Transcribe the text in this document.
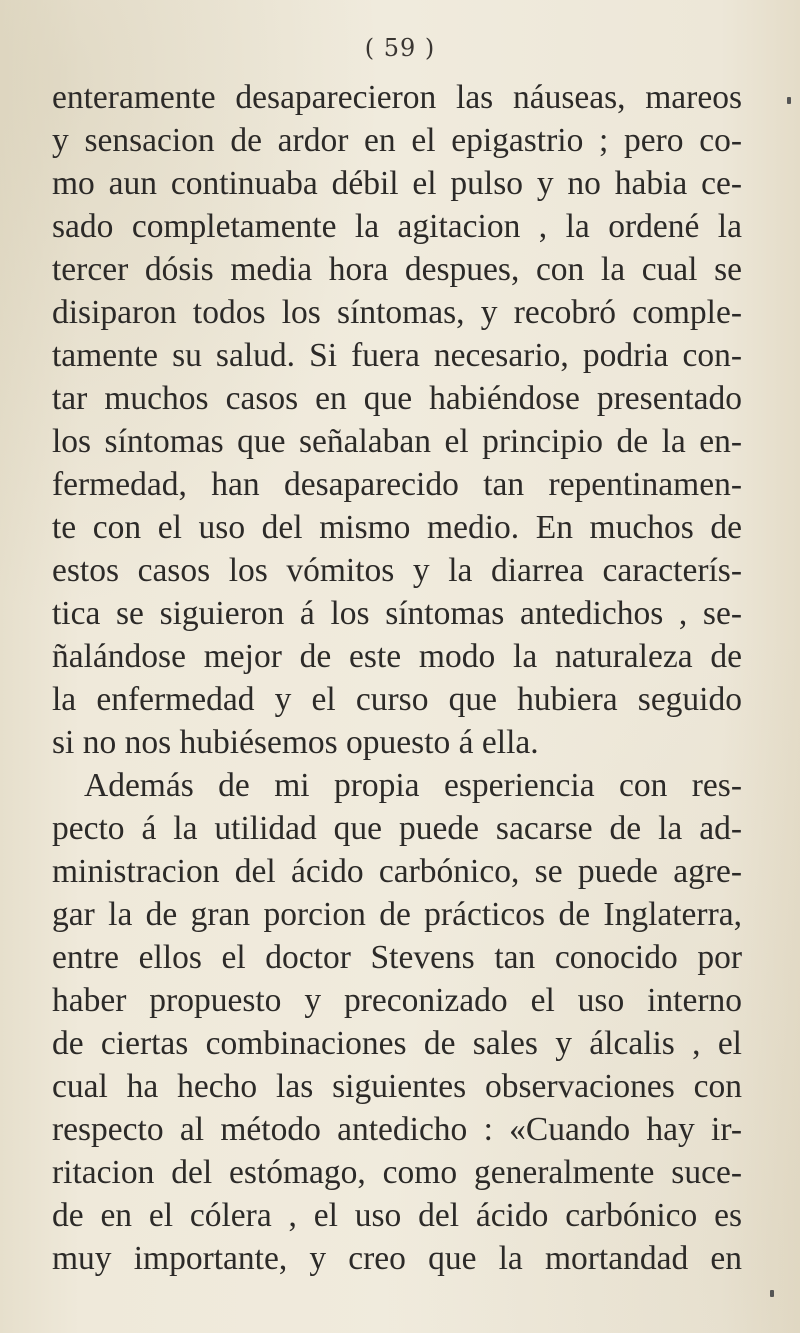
( 59 )
enteramente desaparecieron las náuseas, mareos
y sensacion de ardor en el epigastrio ; pero co-
mo aun continuaba débil el pulso y no habia ce-
sado completamente la agitacion , la ordené la
tercer dósis media hora despues, con la cual se
disiparon todos los síntomas, y recobró comple-
tamente su salud. Si fuera necesario, podria con-
tar muchos casos en que habiéndose presentado
los síntomas que señalaban el principio de la en-
fermedad, han desaparecido tan repentinamen-
te con el uso del mismo medio. En muchos de
estos casos los vómitos y la diarrea caracterís-
tica se siguieron á los síntomas antedichos , se-
ñalándose mejor de este modo la naturaleza de
la enfermedad y el curso que hubiera seguido
si no nos hubiésemos opuesto á ella.
Además de mi propia esperiencia con res-
pecto á la utilidad que puede sacarse de la ad-
ministracion del ácido carbónico, se puede agre-
gar la de gran porcion de prácticos de Inglaterra,
entre ellos el doctor Stevens tan conocido por
haber propuesto y preconizado el uso interno
de ciertas combinaciones de sales y álcalis , el
cual ha hecho las siguientes observaciones con
respecto al método antedicho : «Cuando hay ir-
ritacion del estómago, como generalmente suce-
de en el cólera , el uso del ácido carbónico es
muy importante, y creo que la mortandad en
